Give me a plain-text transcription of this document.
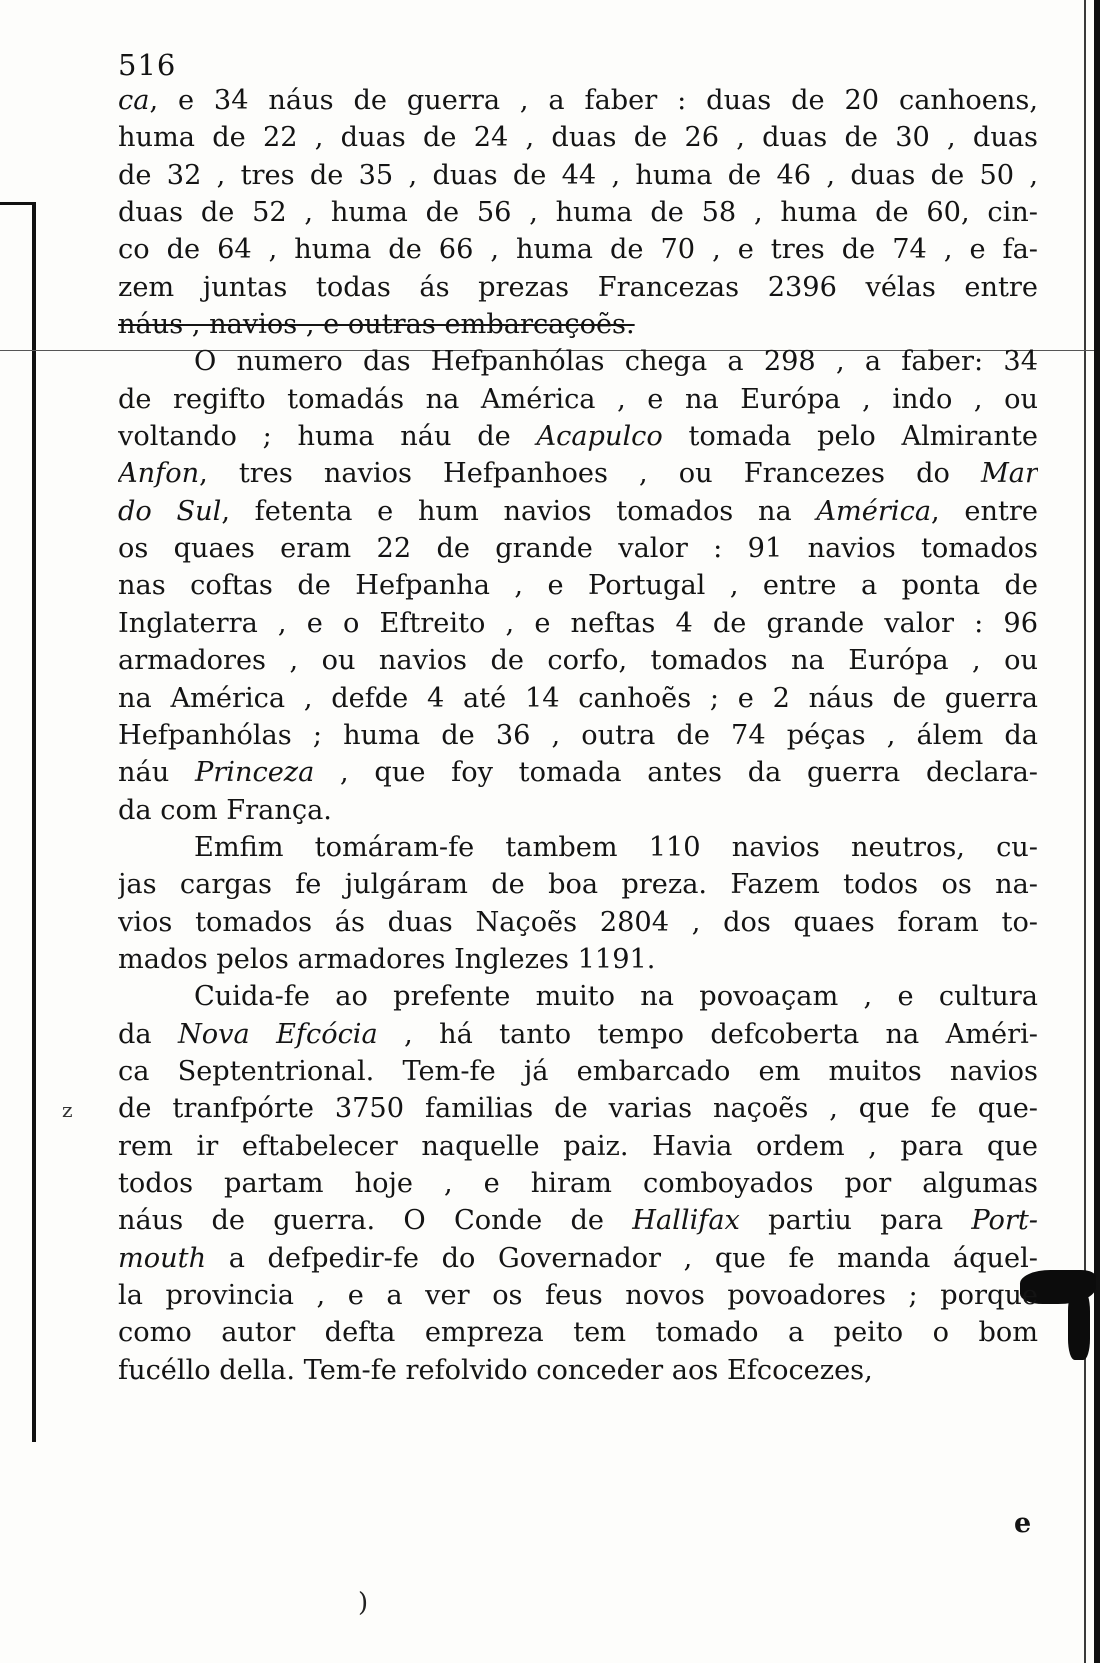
516
ca, e 34 náus de guerra , a faber : duas de 20 canhoens,
huma de 22 , duas de 24 , duas de 26 , duas de 30 , duas
de 32 , tres de 35 , duas de 44 , huma de 46 , duas de 50 ,
duas de 52 , huma de 56 , huma de 58 , huma de 60, cin-
co de 64 , huma de 66 , huma de 70 , e tres de 74 , e fa-
zem juntas todas ás prezas Francezas 2396 vélas entre
náus , navios , e outras embarcaçoẽs.
O numero das Hefpanhólas chega a 298 , a faber: 34
de regifto tomadás na América , e na Európa , indo , ou
voltando ; huma náu de Acapulco tomada pelo Almirante
Anfon, tres navios Hefpanhoes , ou Francezes do Mar
do Sul, fetenta e hum navios tomados na América, entre
os quaes eram 22 de grande valor : 91 navios tomados
nas coftas de Hefpanha , e Portugal , entre a ponta de
Inglaterra , e o Eftreito , e neftas 4 de grande valor : 96
armadores , ou navios de corfo, tomados na Európa , ou
na América , defde 4 até 14 canhoẽs ; e 2 náus de guerra
Hefpanhólas ; huma de 36 , outra de 74 péças , álem da
náu Princeza , que foy tomada antes da guerra declara-
da com França.
Emfim tomáram-fe tambem 110 navios neutros, cu-
jas cargas fe julgáram de boa preza. Fazem todos os na-
vios tomados ás duas Naçoẽs 2804 , dos quaes foram to-
mados pelos armadores Inglezes 1191.
Cuida-fe ao prefente muito na povoaçam , e cultura
da Nova Efcócia , há tanto tempo defcoberta na Améri-
ca Septentrional. Tem-fe já embarcado em muitos navios
de tranfpórte 3750 familias de varias naçoẽs , que fe que-
rem ir eftabelecer naquelle paiz. Havia ordem , para que
todos partam hoje , e hiram comboyados por algumas
náus de guerra. O Conde de Hallifax partiu para Port-
mouth a defpedir-fe do Governador , que fe manda áquel-
la provincia , e a ver os feus novos povoadores ; porque
como autor defta empreza tem tomado a peito o bom
fucéllo della. Tem-fe refolvido conceder aos Efcocezes,
z
e
)
